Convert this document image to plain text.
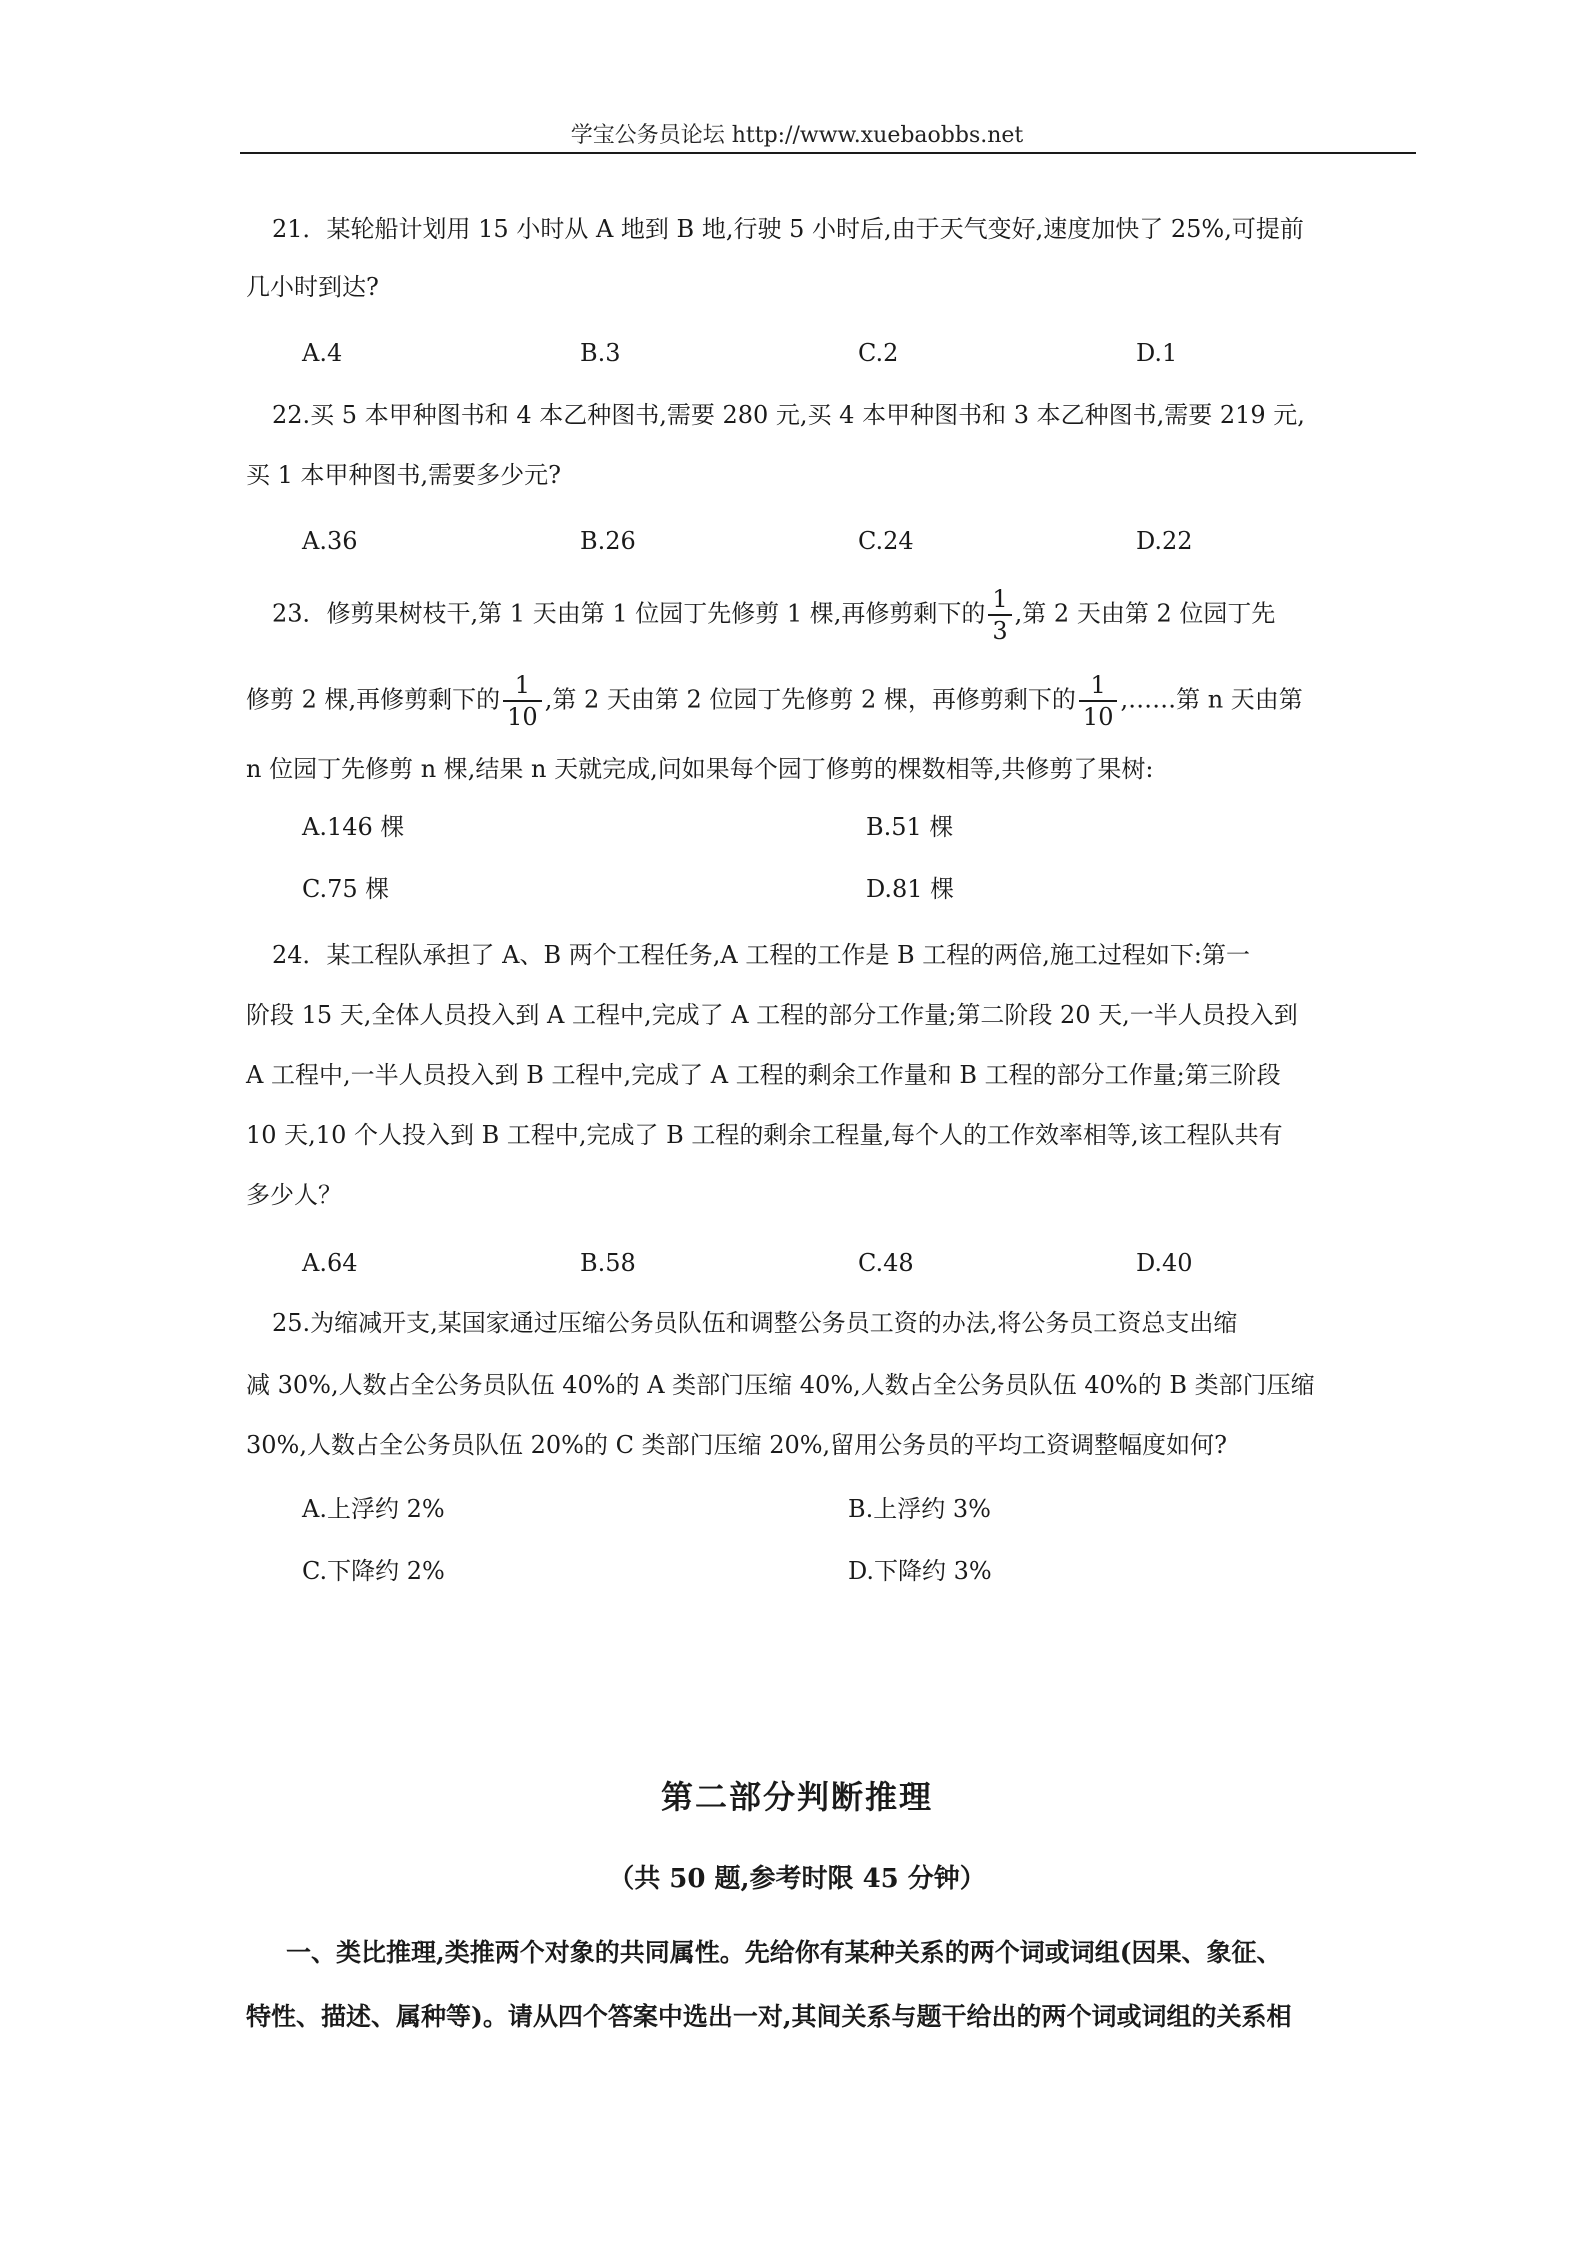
学宝公务员论坛 http://www.xuebaobbs.net
21．某轮船计划用 15 小时从 A 地到 B 地,行驶 5 小时后,由于天气变好,速度加快了 25%,可提前
几小时到达?
A.4	B.3	C.2	D.1
22.买 5 本甲种图书和 4 本乙种图书,需要 280 元,买 4 本甲种图书和 3 本乙种图书,需要 219 元,
买 1 本甲种图书,需要多少元?
A.36	B.26	C.24	D.22
23．修剪果树枝干,第 1 天由第 1 位园丁先修剪 1 棵,再修剪剩下的 $\frac{1}{3}$ ,第 2 天由第 2 位园丁先
修剪 2 棵,再修剪剩下的 $\frac{1}{10}$ ,第 2 天由第 2 位园丁先修剪 2 棵，再修剪剩下的 $\frac{1}{10}$ ,……第 n 天由第
n 位园丁先修剪 n 棵,结果 n 天就完成,问如果每个园丁修剪的棵数相等,共修剪了果树:
A.146 棵	B.51 棵
C.75 棵	D.81 棵
24．某工程队承担了 A、B 两个工程任务,A 工程的工作是 B 工程的两倍,施工过程如下:第一
阶段 15 天,全体人员投入到 A 工程中,完成了 A 工程的部分工作量;第二阶段 20 天,一半人员投入到
A 工程中,一半人员投入到 B 工程中,完成了 A 工程的剩余工作量和 B 工程的部分工作量;第三阶段
10 天,10 个人投入到 B 工程中,完成了 B 工程的剩余工程量,每个人的工作效率相等,该工程队共有
多少人？
A.64	B.58	C.48	D.40
25.为缩减开支,某国家通过压缩公务员队伍和调整公务员工资的办法,将公务员工资总支出缩
减 30%,人数占全公务员队伍 40%的 A 类部门压缩 40%,人数占全公务员队伍 40%的 B 类部门压缩
30%,人数占全公务员队伍 20%的 C 类部门压缩 20%,留用公务员的平均工资调整幅度如何?
A.上浮约 2%	B.上浮约 3%
C.下降约 2%	D.下降约 3%
第二部分判断推理
（共 50 题,参考时限 45 分钟）
一、类比推理,类推两个对象的共同属性。先给你有某种关系的两个词或词组(因果、象征、
特性、描述、属种等)。请从四个答案中选出一对,其间关系与题干给出的两个词或词组的关系相
